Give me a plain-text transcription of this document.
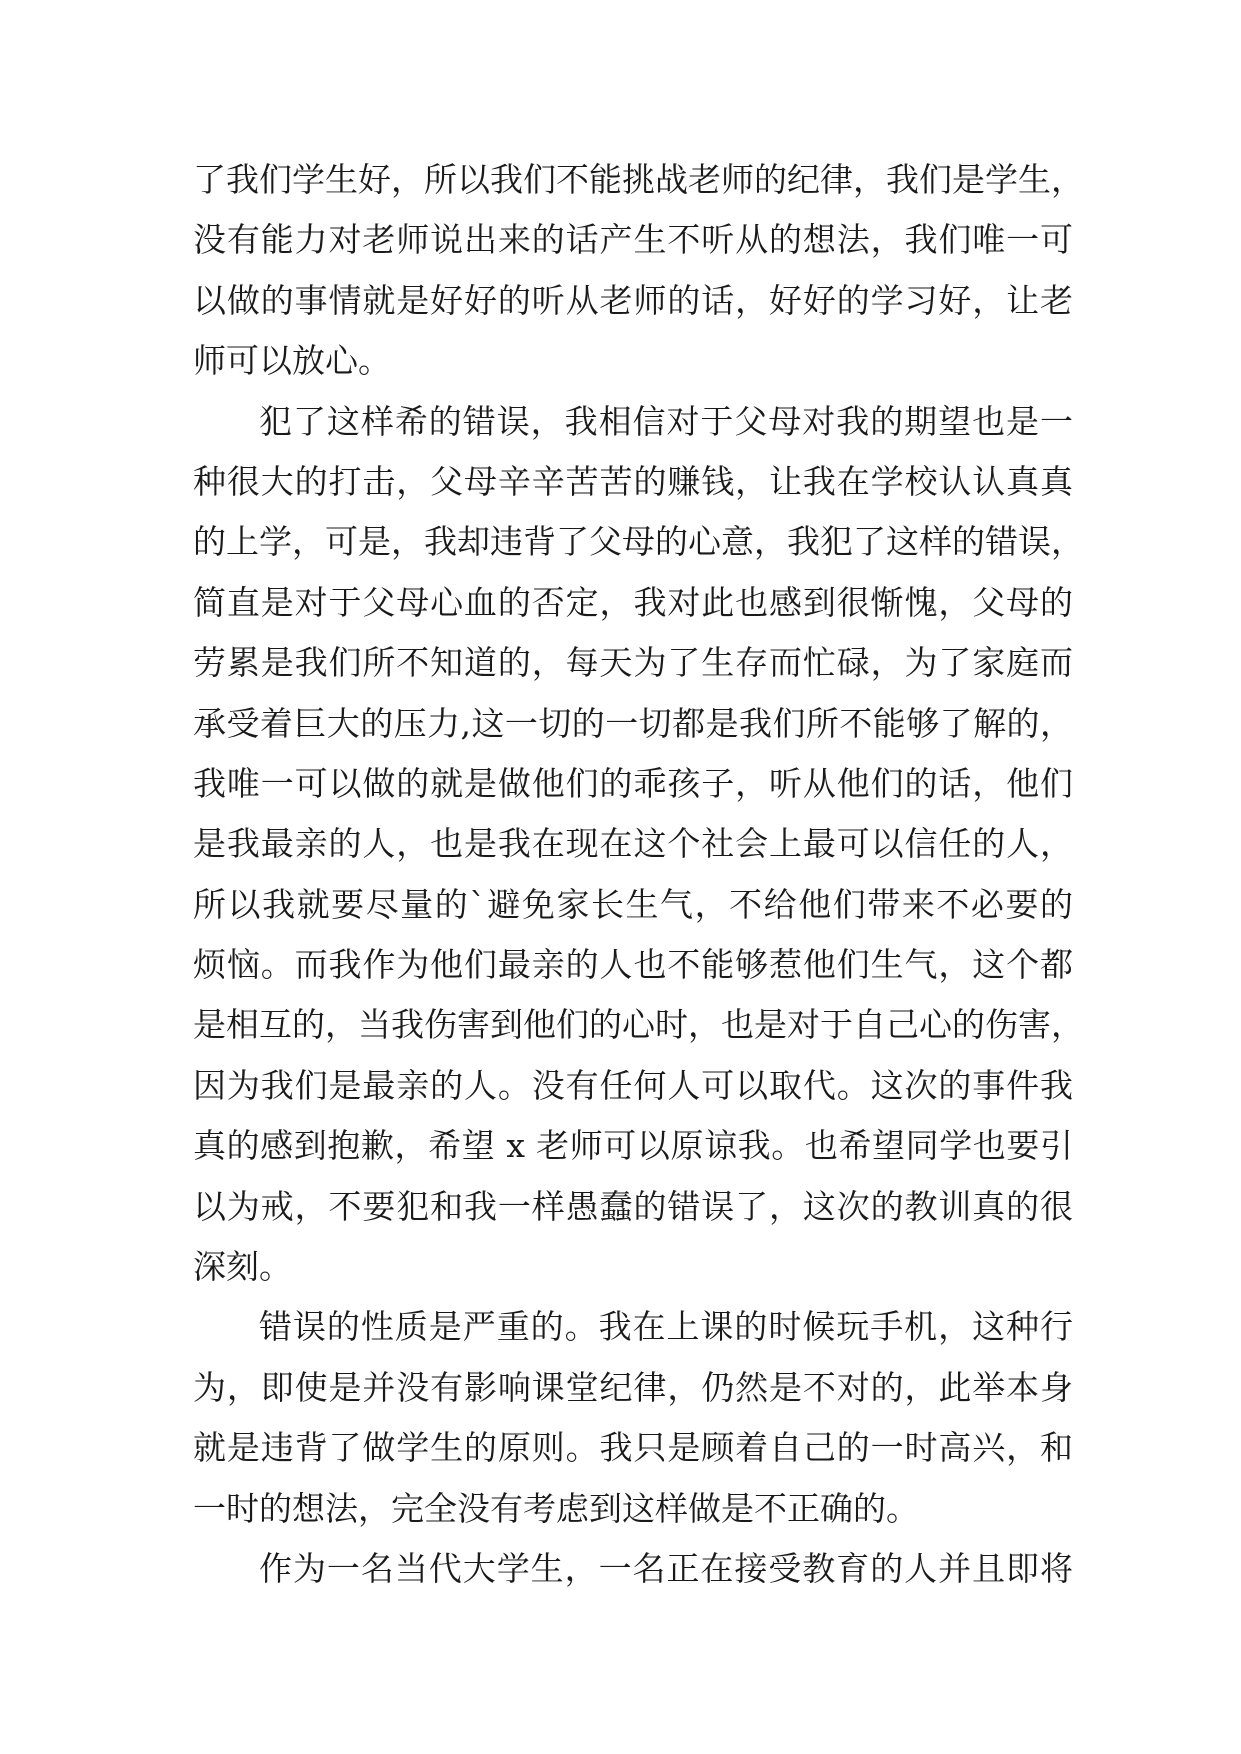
了我们学生好，所以我们不能挑战老师的纪律，我们是学生，
没有能力对老师说出来的话产生不听从的想法，我们唯一可
以做的事情就是好好的听从老师的话，好好的学习好，让老
师可以放心。
犯了这样希的错误，我相信对于父母对我的期望也是一
种很大的打击，父母辛辛苦苦的赚钱，让我在学校认认真真
的上学，可是，我却违背了父母的心意，我犯了这样的错误，
简直是对于父母心血的否定，我对此也感到很惭愧，父母的
劳累是我们所不知道的，每天为了生存而忙碌，为了家庭而
承受着巨大的压力,这一切的一切都是我们所不能够了解的，
我唯一可以做的就是做他们的乖孩子，听从他们的话，他们
是我最亲的人，也是我在现在这个社会上最可以信任的人，
所以我就要尽量的`避免家长生气，不给他们带来不必要的
烦恼。而我作为他们最亲的人也不能够惹他们生气，这个都
是相互的，当我伤害到他们的心时，也是对于自己心的伤害，
因为我们是最亲的人。没有任何人可以取代。这次的事件我
真的感到抱歉，希望 x 老师可以原谅我。也希望同学也要引
以为戒，不要犯和我一样愚蠢的错误了，这次的教训真的很
深刻。
错误的性质是严重的。我在上课的时候玩手机，这种行
为，即使是并没有影响课堂纪律，仍然是不对的，此举本身
就是违背了做学生的原则。我只是顾着自己的一时高兴，和
一时的想法，完全没有考虑到这样做是不正确的。
作为一名当代大学生，一名正在接受教育的人并且即将
